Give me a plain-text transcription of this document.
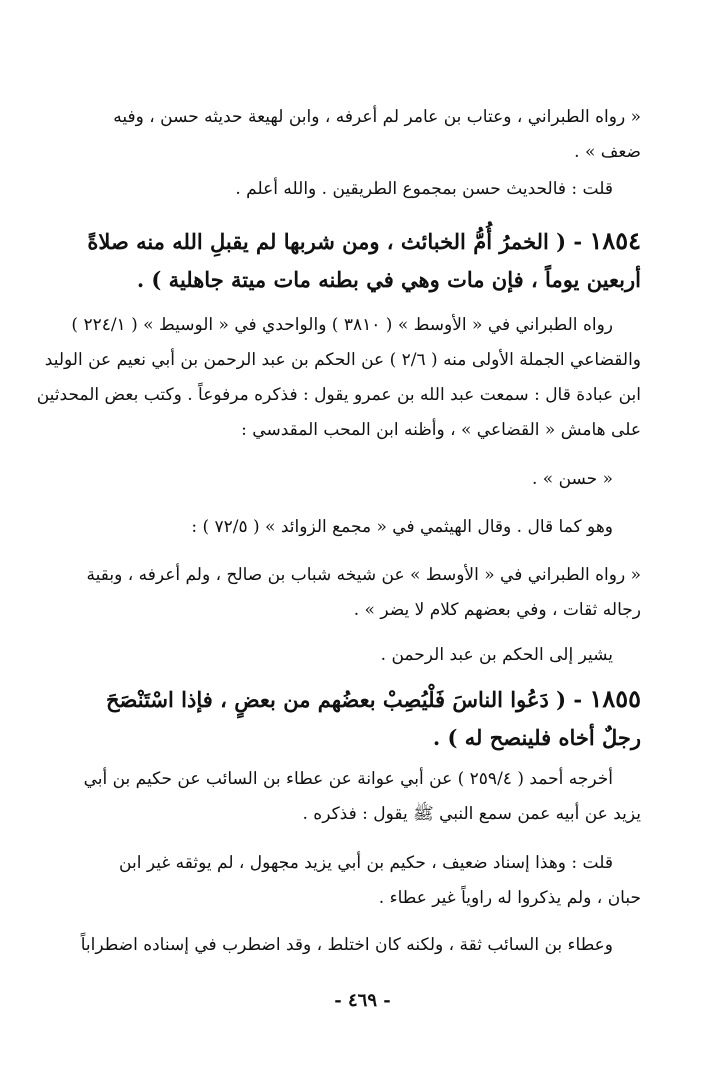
« رواه الطبراني ، وعتاب بن عامر لم أعرفه ، وابن لهيعة حديثه حسن ، وفيه
ضعف » .

قلت : فالحديث حسن بمجموع الطريقين . والله أعلم .

١٨٥٤ - ( الخمرُ أُمُّ الخبائث ، ومن شربها لم يقبلِ الله منه صلاةً
أربعين يوماً ، فإن مات وهي في بطنه مات ميتة جاهلية ) .

رواه الطبراني في « الأوسط » ( ٣٨١٠ ) والواحدي في « الوسيط » ( ٢٢٤/١ )
والقضاعي الجملة الأولى منه ( ٢/٦ ) عن الحكم بن عبد الرحمن بن أبي نعيم عن الوليد
ابن عبادة قال : سمعت عبد الله بن عمرو يقول : فذكره مرفوعاً . وكتب بعض المحدثين
على هامش « القضاعي » ، وأظنه ابن المحب المقدسي :

« حسن » .

وهو كما قال . وقال الهيثمي في « مجمع الزوائد » ( ٧٢/٥ ) :

« رواه الطبراني في « الأوسط » عن شيخه شباب بن صالح ، ولم أعرفه ، وبقية
رجاله ثقات ، وفي بعضهم كلام لا يضر » .

يشير إلى الحكم بن عبد الرحمن .

١٨٥٥ - ( دَعُوا الناسَ فَلْيُصِبْ بعضُهم من بعضٍ ، فإذا اسْتَنْصَحَ
رجلٌ أخاه فلينصح له ) .

أخرجه أحمد ( ٢٥٩/٤ ) عن أبي عوانة عن عطاء بن السائب عن حكيم بن أبي
يزيد عن أبيه عمن سمع النبي ﷺ يقول : فذكره .

قلت : وهذا إسناد ضعيف ، حكيم بن أبي يزيد مجهول ، لم يوثقه غير ابن
حبان ، ولم يذكروا له راوياً غير عطاء .

وعطاء بن السائب ثقة ، ولكنه كان اختلط ، وقد اضطرب في إسناده اضطراباً

- ٤٦٩ -
